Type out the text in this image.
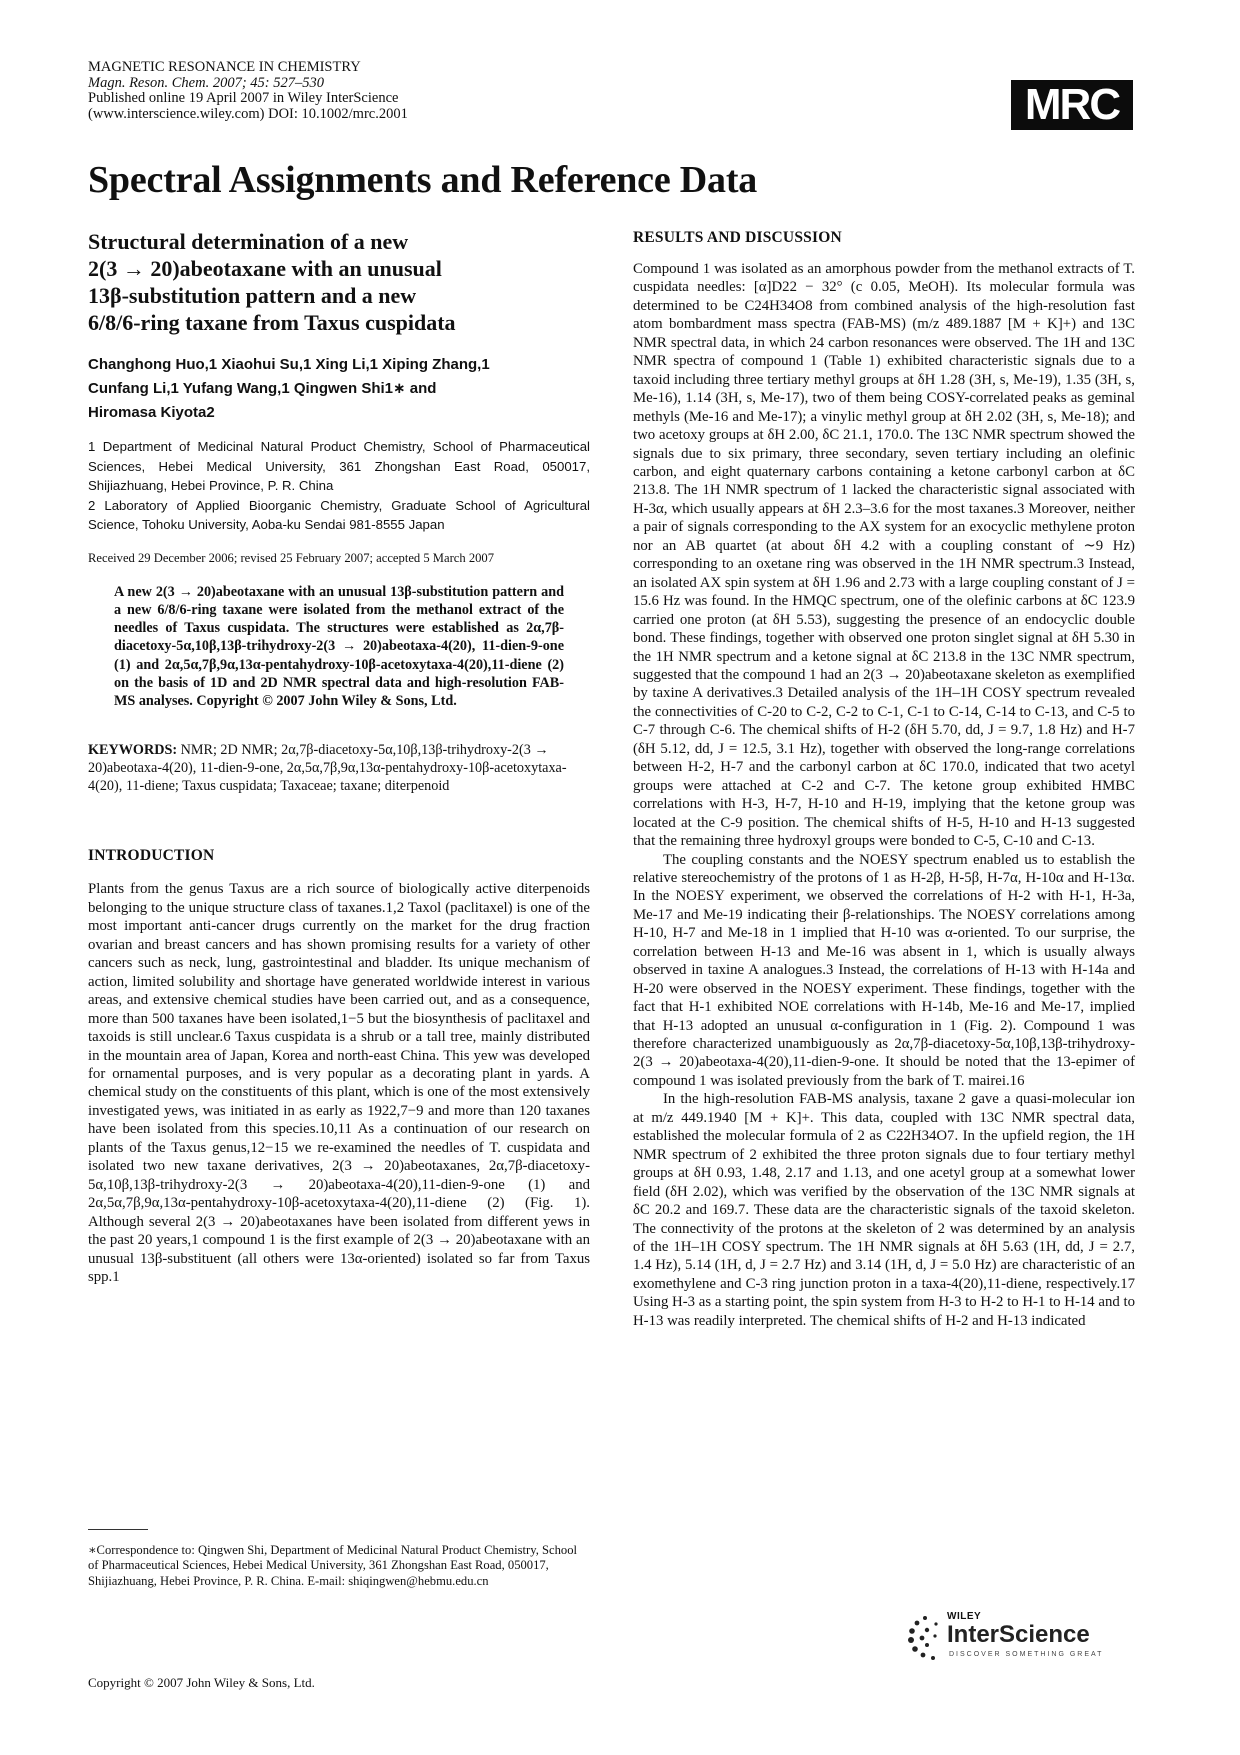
MAGNETIC RESONANCE IN CHEMISTRY
Magn. Reson. Chem. 2007; 45: 527–530
Published online 19 April 2007 in Wiley InterScience
(www.interscience.wiley.com) DOI: 10.1002/mrc.2001	MRC
Spectral Assignments and Reference Data
Structural determination of a new
2(3 → 20)abeotaxane with an unusual
13β-substitution pattern and a new
6/8/6-ring taxane from Taxus cuspidata
Changhong Huo,1 Xiaohui Su,1 Xing Li,1 Xiping Zhang,1
Cunfang Li,1 Yufang Wang,1 Qingwen Shi1∗ and
Hiromasa Kiyota2
1 Department of Medicinal Natural Product Chemistry, School of Pharmaceutical Sciences, Hebei Medical University, 361 Zhongshan East Road, 050017, Shijiazhuang, Hebei Province, P. R. China
2 Laboratory of Applied Bioorganic Chemistry, Graduate School of Agricultural Science, Tohoku University, Aoba-ku Sendai 981-8555 Japan
Received 29 December 2006; revised 25 February 2007; accepted 5 March 2007
A new 2(3 → 20)abeotaxane with an unusual 13β-substitution pattern and a new 6/8/6-ring taxane were isolated from the methanol extract of the needles of Taxus cuspidata. The structures were established as 2α,7β-diacetoxy-5α,10β,13β-trihydroxy-2(3 → 20)abeotaxa-4(20), 11-dien-9-one (1) and 2α,5α,7β,9α,13α-pentahydroxy-10β-acetoxytaxa-4(20),11-diene (2) on the basis of 1D and 2D NMR spectral data and high-resolution FAB-MS analyses. Copyright © 2007 John Wiley & Sons, Ltd.
KEYWORDS: NMR; 2D NMR; 2α,7β-diacetoxy-5α,10β,13β-trihydroxy-2(3 → 20)abeotaxa-4(20), 11-dien-9-one, 2α,5α,7β,9α,13α-pentahydroxy-10β-acetoxytaxa-4(20), 11-diene; Taxus cuspidata; Taxaceae; taxane; diterpenoid
INTRODUCTION
Plants from the genus Taxus are a rich source of biologically active diterpenoids belonging to the unique structure class of taxanes.1,2 Taxol (paclitaxel) is one of the most important anti-cancer drugs currently on the market for the drug fraction ovarian and breast cancers and has shown promising results for a variety of other cancers such as neck, lung, gastrointestinal and bladder. Its unique mechanism of action, limited solubility and shortage have generated worldwide interest in various areas, and extensive chemical studies have been carried out, and as a consequence, more than 500 taxanes have been isolated,1−5 but the biosynthesis of paclitaxel and taxoids is still unclear.6 Taxus cuspidata is a shrub or a tall tree, mainly distributed in the mountain area of Japan, Korea and north-east China. This yew was developed for ornamental purposes, and is very popular as a decorating plant in yards. A chemical study on the constituents of this plant, which is one of the most extensively investigated yews, was initiated in as early as 1922,7−9 and more than 120 taxanes have been isolated from this species.10,11 As a continuation of our research on plants of the Taxus genus,12−15 we re-examined the needles of T. cuspidata and isolated two new taxane derivatives, 2(3 → 20)abeotaxanes, 2α,7β-diacetoxy-5α,10β,13β-trihydroxy-2(3 → 20)abeotaxa-4(20),11-dien-9-one (1) and 2α,5α,7β,9α,13α-pentahydroxy-10β-acetoxytaxa-4(20),11-diene (2) (Fig. 1). Although several 2(3 → 20)abeotaxanes have been isolated from different yews in the past 20 years,1 compound 1 is the first example of 2(3 → 20)abeotaxane with an unusual 13β-substituent (all others were 13α-oriented) isolated so far from Taxus spp.1
∗Correspondence to: Qingwen Shi, Department of Medicinal Natural Product Chemistry, School of Pharmaceutical Sciences, Hebei Medical University, 361 Zhongshan East Road, 050017, Shijiazhuang, Hebei Province, P. R. China. E-mail: shiqingwen@hebmu.edu.cn
Copyright © 2007 John Wiley & Sons, Ltd.
RESULTS AND DISCUSSION
Compound 1 was isolated as an amorphous powder from the methanol extracts of T. cuspidata needles: [α]D22 − 32° (c 0.05, MeOH). Its molecular formula was determined to be C24H34O8 from combined analysis of the high-resolution fast atom bombardment mass spectra (FAB-MS) (m/z 489.1887 [M + K]+) and 13C NMR spectral data, in which 24 carbon resonances were observed. The 1H and 13C NMR spectra of compound 1 (Table 1) exhibited characteristic signals due to a taxoid including three tertiary methyl groups at δH 1.28 (3H, s, Me-19), 1.35 (3H, s, Me-16), 1.14 (3H, s, Me-17), two of them being COSY-correlated peaks as geminal methyls (Me-16 and Me-17); a vinylic methyl group at δH 2.02 (3H, s, Me-18); and two acetoxy groups at δH 2.00, δC 21.1, 170.0. The 13C NMR spectrum showed the signals due to six primary, three secondary, seven tertiary including an olefinic carbon, and eight quaternary carbons containing a ketone carbonyl carbon at δC 213.8. The 1H NMR spectrum of 1 lacked the characteristic signal associated with H-3α, which usually appears at δH 2.3–3.6 for the most taxanes.3 Moreover, neither a pair of signals corresponding to the AX system for an exocyclic methylene proton nor an AB quartet (at about δH 4.2 with a coupling constant of ∼9 Hz) corresponding to an oxetane ring was observed in the 1H NMR spectrum.3 Instead, an isolated AX spin system at δH 1.96 and 2.73 with a large coupling constant of J = 15.6 Hz was found. In the HMQC spectrum, one of the olefinic carbons at δC 123.9 carried one proton (at δH 5.53), suggesting the presence of an endocyclic double bond. These findings, together with observed one proton singlet signal at δH 5.30 in the 1H NMR spectrum and a ketone signal at δC 213.8 in the 13C NMR spectrum, suggested that the compound 1 had an 2(3 → 20)abeotaxane skeleton as exemplified by taxine A derivatives.3 Detailed analysis of the 1H–1H COSY spectrum revealed the connectivities of C-20 to C-2, C-2 to C-1, C-1 to C-14, C-14 to C-13, and C-5 to C-7 through C-6. The chemical shifts of H-2 (δH 5.70, dd, J = 9.7, 1.8 Hz) and H-7 (δH 5.12, dd, J = 12.5, 3.1 Hz), together with observed the long-range correlations between H-2, H-7 and the carbonyl carbon at δC 170.0, indicated that two acetyl groups were attached at C-2 and C-7. The ketone group exhibited HMBC correlations with H-3, H-7, H-10 and H-19, implying that the ketone group was located at the C-9 position. The chemical shifts of H-5, H-10 and H-13 suggested that the remaining three hydroxyl groups were bonded to C-5, C-10 and C-13.
The coupling constants and the NOESY spectrum enabled us to establish the relative stereochemistry of the protons of 1 as H-2β, H-5β, H-7α, H-10α and H-13α. In the NOESY experiment, we observed the correlations of H-2 with H-1, H-3a, Me-17 and Me-19 indicating their β-relationships. The NOESY correlations among H-10, H-7 and Me-18 in 1 implied that H-10 was α-oriented. To our surprise, the correlation between H-13 and Me-16 was absent in 1, which is usually always observed in taxine A analogues.3 Instead, the correlations of H-13 with H-14a and H-20 were observed in the NOESY experiment. These findings, together with the fact that H-1 exhibited NOE correlations with H-14b, Me-16 and Me-17, implied that H-13 adopted an unusual α-configuration in 1 (Fig. 2). Compound 1 was therefore characterized unambiguously as 2α,7β-diacetoxy-5α,10β,13β-trihydroxy-2(3 → 20)abeotaxa-4(20),11-dien-9-one. It should be noted that the 13-epimer of compound 1 was isolated previously from the bark of T. mairei.16
In the high-resolution FAB-MS analysis, taxane 2 gave a quasi-molecular ion at m/z 449.1940 [M + K]+. This data, coupled with 13C NMR spectral data, established the molecular formula of 2 as C22H34O7. In the upfield region, the 1H NMR spectrum of 2 exhibited the three proton signals due to four tertiary methyl groups at δH 0.93, 1.48, 2.17 and 1.13, and one acetyl group at a somewhat lower field (δH 2.02), which was verified by the observation of the 13C NMR signals at δC 20.2 and 169.7. These data are the characteristic signals of the taxoid skeleton. The connectivity of the protons at the skeleton of 2 was determined by an analysis of the 1H–1H COSY spectrum. The 1H NMR signals at δH 5.63 (1H, dd, J = 2.7, 1.4 Hz), 5.14 (1H, d, J = 2.7 Hz) and 3.14 (1H, d, J = 5.0 Hz) are characteristic of an exomethylene and C-3 ring junction proton in a taxa-4(20),11-diene, respectively.17 Using H-3 as a starting point, the spin system from H-3 to H-2 to H-1 to H-14 and to H-13 was readily interpreted. The chemical shifts of H-2 and H-13 indicated
WILEY
InterScience
DISCOVER SOMETHING GREAT
